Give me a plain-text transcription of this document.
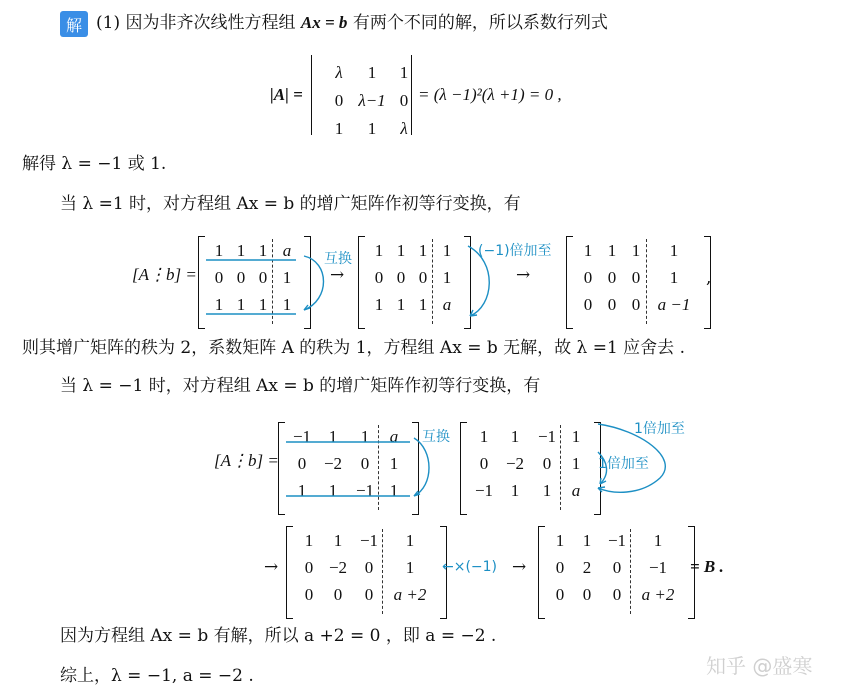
解 (1) 因为非齐次线性方程组 Ax = b 有两个不同的解，所以系数行列式
|A| =
λ	1	1
0 λ−1 0
1	1	λ
= (λ −1)²(λ +1) = 0 ,
解得 λ = −1 或 1.
当 λ =1 时，对方程组 Ax = b 的增广矩阵作初等行变换，有
[A⋮b] =
1 1 1 a
0 0 0 1
1 1 1 1
→
1 1 1 1
0 0 0 1
1 1 1 a
→
1 1 1	1
0 0 0	1
0 0 0	a −1
,
互换	(−1)倍加至
则其增广矩阵的秩为 2，系数矩阵 A 的秩为 1，方程组 Ax = b 无解，故 λ =1 应舍去 .
当 λ = −1 时，对方程组 Ax = b 的增广矩阵作初等行变换，有
[A⋮b] =
−1	1	1	a
0	−2	0	1
1	1	−1 1
互换	1	1	−1 1
0	−2	0	1
−1	1	1	a
1倍加至
1倍加至
→
1	1	−1	1
0 −2	0	1
0	0	0	a +2
←×(−1) →
1	1 −1	1
0	2	0	−1
0	0	0	a +2
= B .
因为方程组 Ax = b 有解，所以 a +2 = 0 ，即 a = −2 .
综上，λ = −1, a = −2 .	知乎 @盛寒
